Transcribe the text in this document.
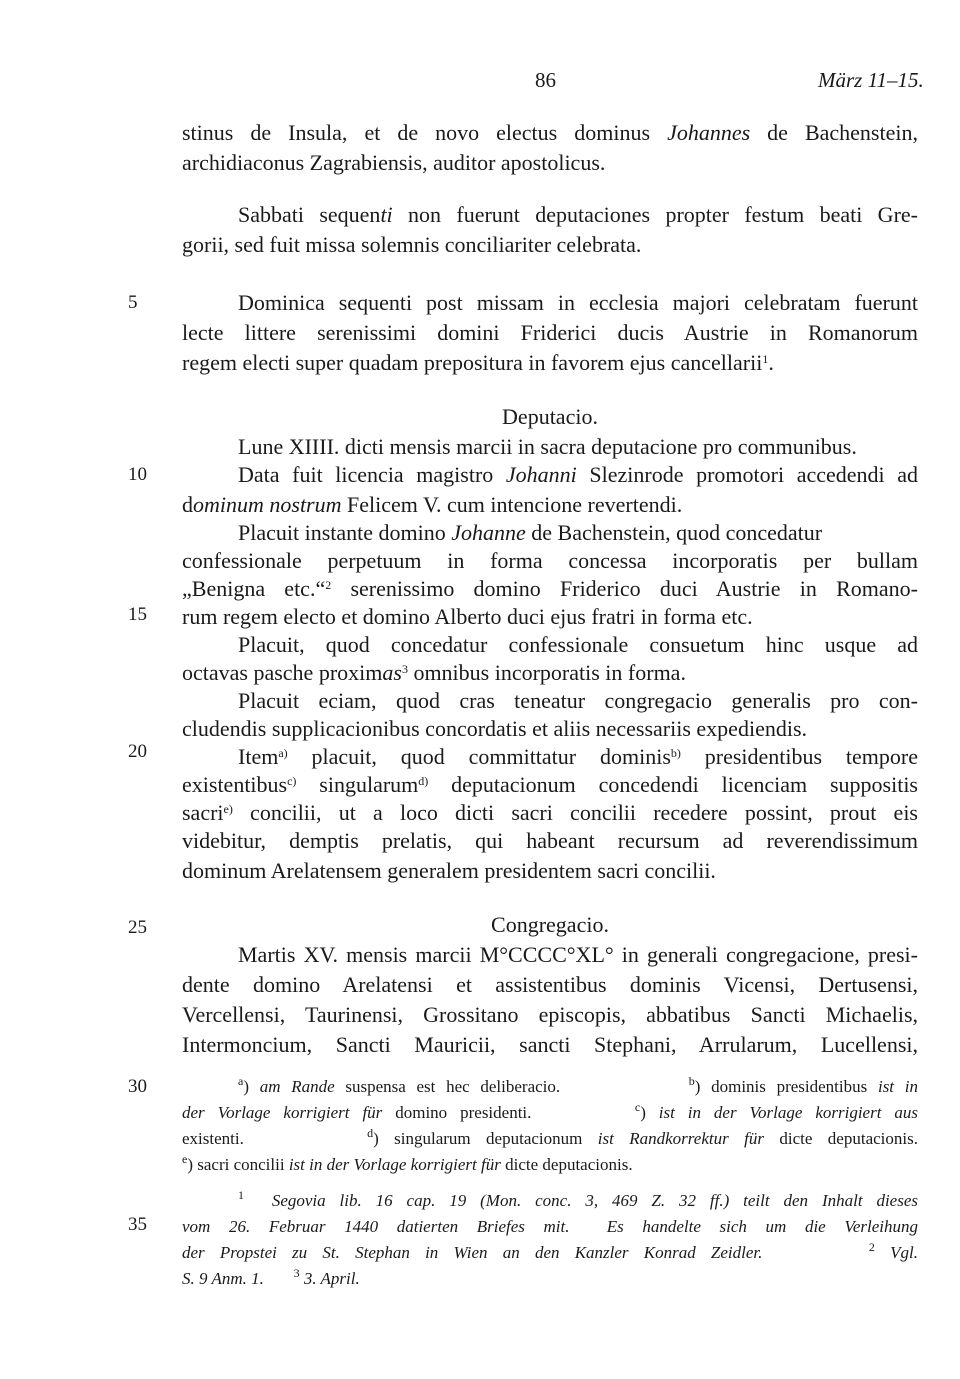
86	März 11–15.
stinus de Insula, et de novo electus dominus Johannes de Bachenstein,
archidiaconus Zagrabiensis, auditor apostolicus.
Sabbati sequenti non fuerunt deputaciones propter festum beati Gre-
gorii, sed fuit missa solemnis conciliariter celebrata.
Dominica sequenti post missam in ecclesia majori celebratam fuerunt
lecte littere serenissimi domini Friderici ducis Austrie in Romanorum
regem electi super quadam prepositura in favorem ejus cancellarii$^1$.
Deputacio.
Lune XIIII. dicti mensis marcii in sacra deputacione pro communibus.
Data fuit licencia magistro Johanni Slezinrode promotori accedendi ad
dominum nostrum Felicem V. cum intencione revertendi.
Placuit instante domino Johanne de Bachenstein, quod concedatur
confessionale perpetuum in forma concessa incorporatis per bullam
„Benigna etc.“$^2$ serenissimo domino Friderico duci Austrie in Romano-
rum regem electo et domino Alberto duci ejus fratri in forma etc.
Placuit, quod concedatur confessionale consuetum hinc usque ad
octavas pasche proximas$^3$ omnibus incorporatis in forma.
Placuit eciam, quod cras teneatur congregacio generalis pro con-
cludendis supplicacionibus concordatis et aliis necessariis expediendis.
Item$^{a)}$ placuit, quod committatur dominis$^{b)}$ presidentibus tempore
existentibus$^{c)}$ singularum$^{d)}$ deputacionum concedendi licenciam suppositis
sacri$^{e)}$ concilii, ut a loco dicti sacri concilii recedere possint, prout eis
videbitur, demptis prelatis, qui habeant recursum ad reverendissimum
dominum Arelatensem generalem presidentem sacri concilii.
Congregacio.
Martis XV. mensis marcii M°CCCC°XL° in generali congregacione, presi-
dente domino Arelatensi et assistentibus dominis Vicensi, Dertusensi,
Vercellensi, Taurinensi, Grossitano episcopis, abbatibus Sancti Michaelis,
Intermoncium, Sancti Mauricii, sancti Stephani, Arrularum, Lucellensi,
5
10
15
20
25
30
35
$^a$) am Rande suspensa est hec deliberacio.            $^b$) dominis presidentibus ist in
der Vorlage korrigiert für domino presidenti.        $^c$) ist in der Vorlage korrigiert aus
existenti.        $^d$) singularum deputacionum ist Randkorrektur für dicte deputacionis.
$^e$) sacri concilii ist in der Vorlage korrigiert für dicte deputacionis.
$^1$ Segovia lib. 16 cap. 19 (Mon. conc. 3, 469 Z. 32 ff.) teilt den Inhalt dieses
vom 26. Februar 1440 datierten Briefes mit.  Es handelte sich um die Verleihung
der Propstei zu St. Stephan in Wien an den Kanzler Konrad Zeidler.	$^2$ Vgl.
S. 9 Anm. 1. $^3$ 3. April.
